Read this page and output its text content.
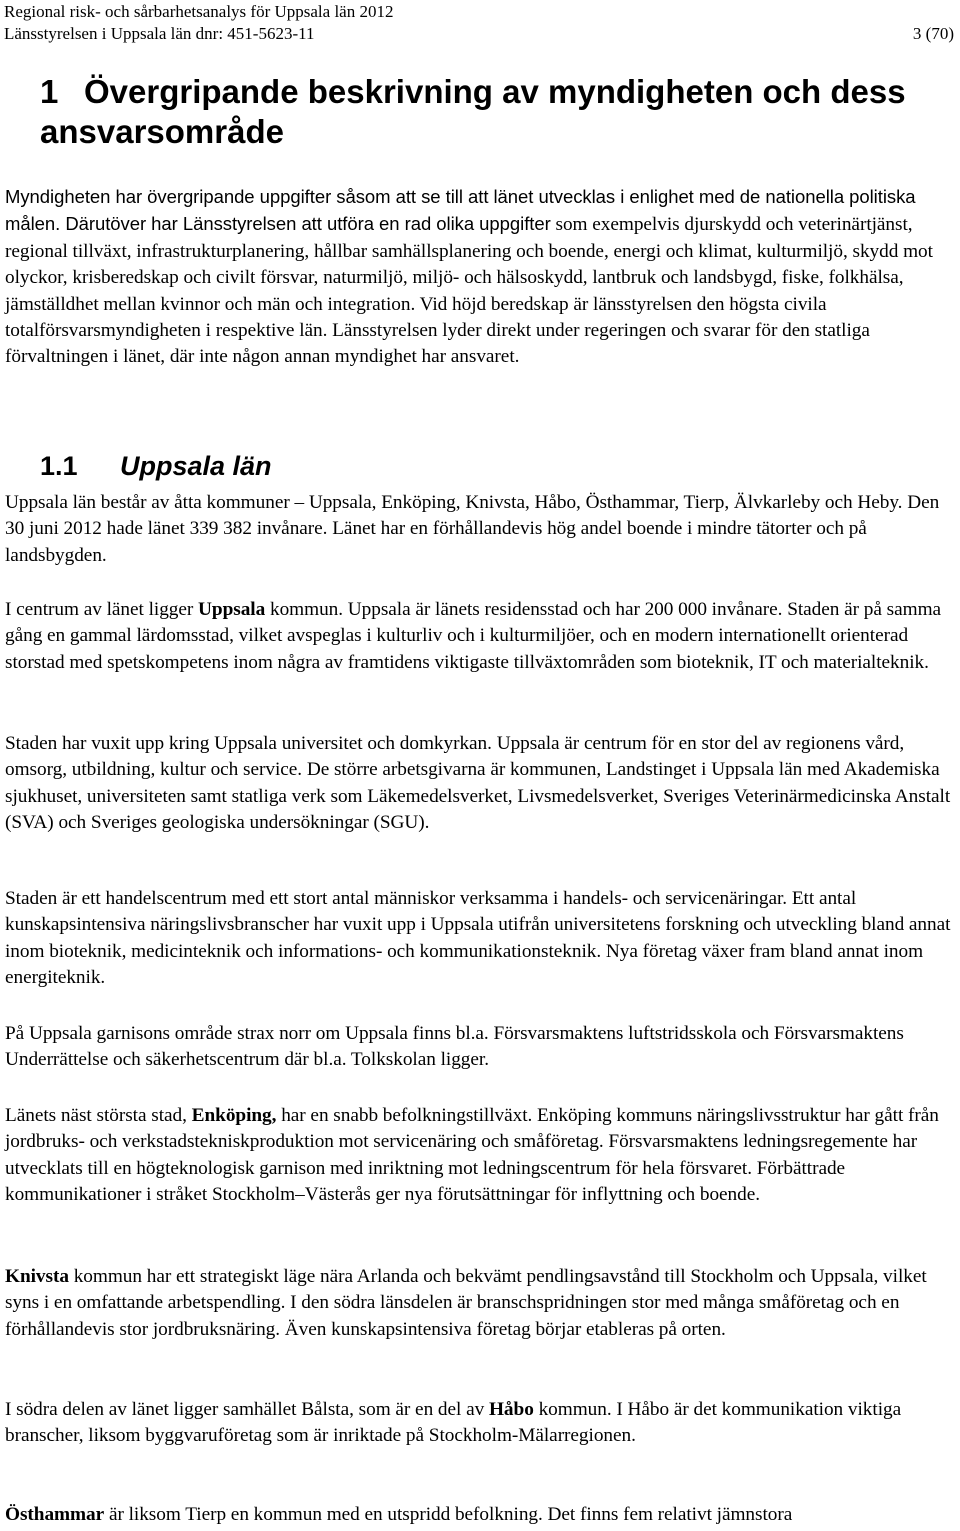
Regional risk- och sårbarhetsanalys för Uppsala län 2012
Länsstyrelsen i Uppsala län dnr: 451-5623-11	3 (70)
1 Övergripande beskrivning av myndigheten och dess
ansvarsområde

Myndigheten har övergripande uppgifter såsom att se till att länet utvecklas i enlighet med de nationella politiska målen. Därutöver har Länsstyrelsen att utföra en rad olika uppgifter som exempelvis djurskydd och veterinärtjänst, regional tillväxt, infrastrukturplanering, hållbar samhällsplanering och boende, energi och klimat, kulturmiljö, skydd mot olyckor, krisberedskap och civilt försvar, naturmiljö, miljö- och hälsoskydd, lantbruk och landsbygd, fiske, folkhälsa, jämställdhet mellan kvinnor och män och integration. Vid höjd beredskap är länsstyrelsen den högsta civila totalförsvarsmyndigheten i respektive län. Länsstyrelsen lyder direkt under regeringen och svarar för den statliga förvaltningen i länet, där inte någon annan myndighet har ansvaret.

1.1 Uppsala län

Uppsala län består av åtta kommuner – Uppsala, Enköping, Knivsta, Håbo, Östhammar, Tierp, Älvkarleby och Heby. Den 30 juni 2012 hade länet 339 382 invånare. Länet har en förhållandevis hög andel boende i mindre tätorter och på landsbygden.

I centrum av länet ligger Uppsala kommun. Uppsala är länets residensstad och har 200 000 invånare. Staden är på samma gång en gammal lärdomsstad, vilket avspeglas i kulturliv och i kulturmiljöer, och en modern internationellt orienterad storstad med spetskompetens inom några av framtidens viktigaste tillväxtområden som bioteknik, IT och materialteknik.

Staden har vuxit upp kring Uppsala universitet och domkyrkan. Uppsala är centrum för en stor del av regionens vård, omsorg, utbildning, kultur och service. De större arbetsgivarna är kommunen, Landstinget i Uppsala län med Akademiska sjukhuset, universiteten samt statliga verk som Läkemedelsverket, Livsmedelsverket, Sveriges Veterinärmedicinska Anstalt (SVA) och Sveriges geologiska undersökningar (SGU).

Staden är ett handelscentrum med ett stort antal människor verksamma i handels- och servicenäringar. Ett antal kunskapsintensiva näringslivsbranscher har vuxit upp i Uppsala utifrån universitetens forskning och utveckling bland annat inom bioteknik, medicinteknik och informations- och kommunikationsteknik. Nya företag växer fram bland annat inom energiteknik.

På Uppsala garnisons område strax norr om Uppsala finns bl.a. Försvarsmaktens luftstridsskola och Försvarsmaktens Underrättelse och säkerhetscentrum där bl.a. Tolkskolan ligger.

Länets näst största stad, Enköping, har en snabb befolkningstillväxt. Enköping kommuns näringslivsstruktur har gått från jordbruks- och verkstadstekniskproduktion mot servicenäring och småföretag. Försvarsmaktens ledningsregemente har utvecklats till en högteknologisk garnison med inriktning mot ledningscentrum för hela försvaret. Förbättrade kommunikationer i stråket Stockholm–Västerås ger nya förutsättningar för inflyttning och boende.

Knivsta kommun har ett strategiskt läge nära Arlanda och bekvämt pendlingsavstånd till Stockholm och Uppsala, vilket syns i en omfattande arbetspendling. I den södra länsdelen är branschspridningen stor med många småföretag och en förhållandevis stor jordbruksnäring. Även kunskapsintensiva företag börjar etableras på orten.

I södra delen av länet ligger samhället Bålsta, som är en del av Håbo kommun. I Håbo är det kommunikation viktiga branscher, liksom byggvaruföretag som är inriktade på Stockholm-Mälarregionen.

Östhammar är liksom Tierp en kommun med en utspridd befolkning. Det finns fem relativt jämnstora
